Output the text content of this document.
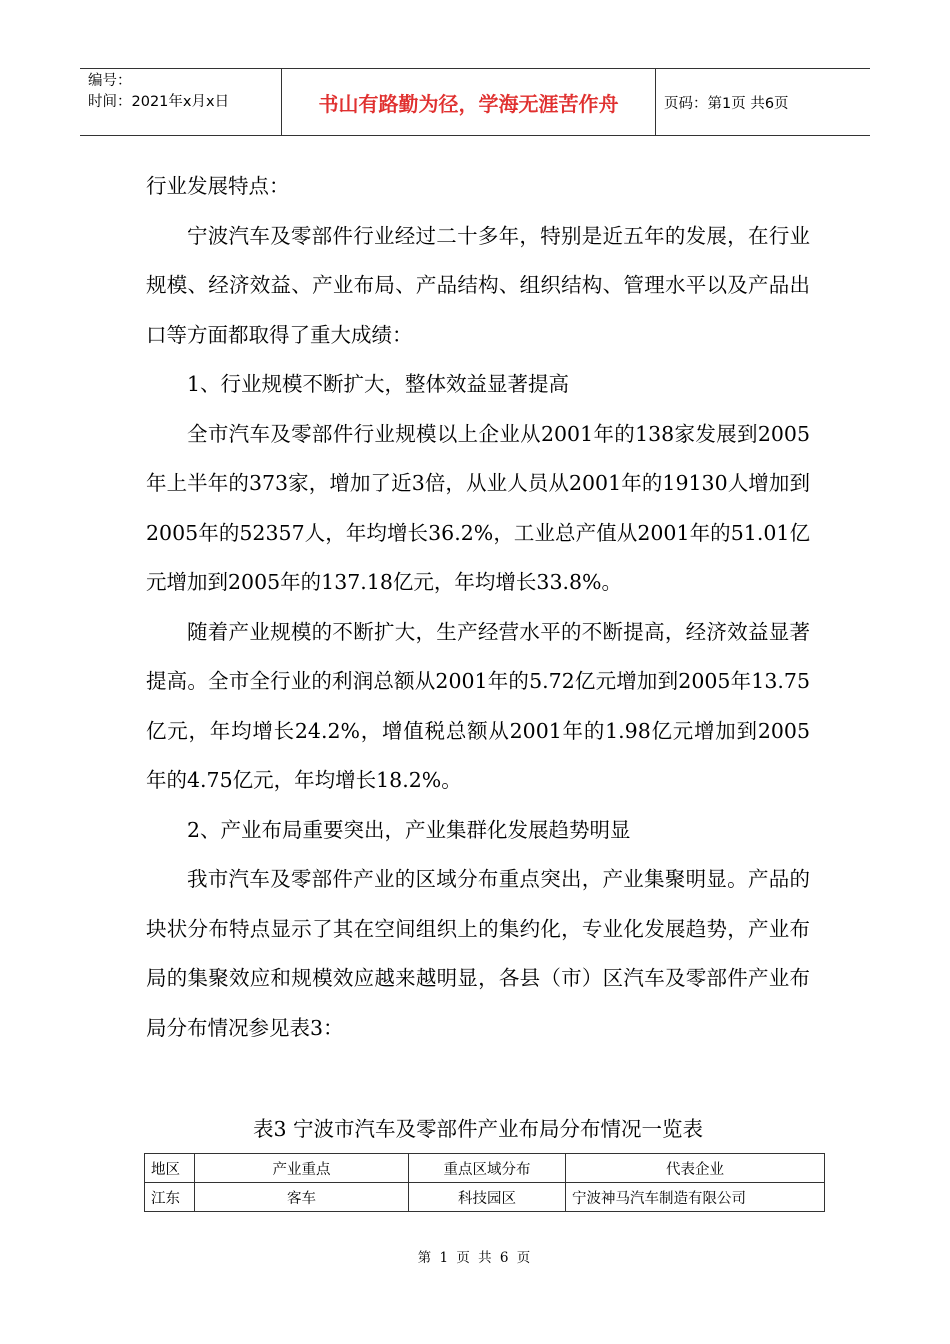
编号：
时间：2021年x月x日	书山有路勤为径，学海无涯苦作舟	页码：第1页 共6页

行业发展特点：

宁波汽车及零部件行业经过二十多年，特别是近五年的发展，在行业规模、经济效益、产业布局、产品结构、组织结构、管理水平以及产品出口等方面都取得了重大成绩：

1、行业规模不断扩大，整体效益显著提高

全市汽车及零部件行业规模以上企业从2001年的138家发展到2005年上半年的373家，增加了近3倍，从业人员从2001年的19130人增加到2005年的52357人，年均增长36.2%，工业总产值从2001年的51.01亿元增加到2005年的137.18亿元，年均增长33.8%。

随着产业规模的不断扩大，生产经营水平的不断提高，经济效益显著提高。全市全行业的利润总额从2001年的5.72亿元增加到2005年13.75亿元，年均增长24.2%，增值税总额从2001年的1.98亿元增加到2005年的4.75亿元，年均增长18.2%。

2、产业布局重要突出，产业集群化发展趋势明显

我市汽车及零部件产业的区域分布重点突出，产业集聚明显。产品的块状分布特点显示了其在空间组织上的集约化，专业化发展趋势，产业布局的集聚效应和规模效应越来越明显，各县（市）区汽车及零部件产业布局分布情况参见表3：

表3 宁波市汽车及零部件产业布局分布情况一览表
地区	产业重点	重点区域分布	代表企业
江东	客车	科技园区	宁波神马汽车制造有限公司
第 1 页 共 6 页
